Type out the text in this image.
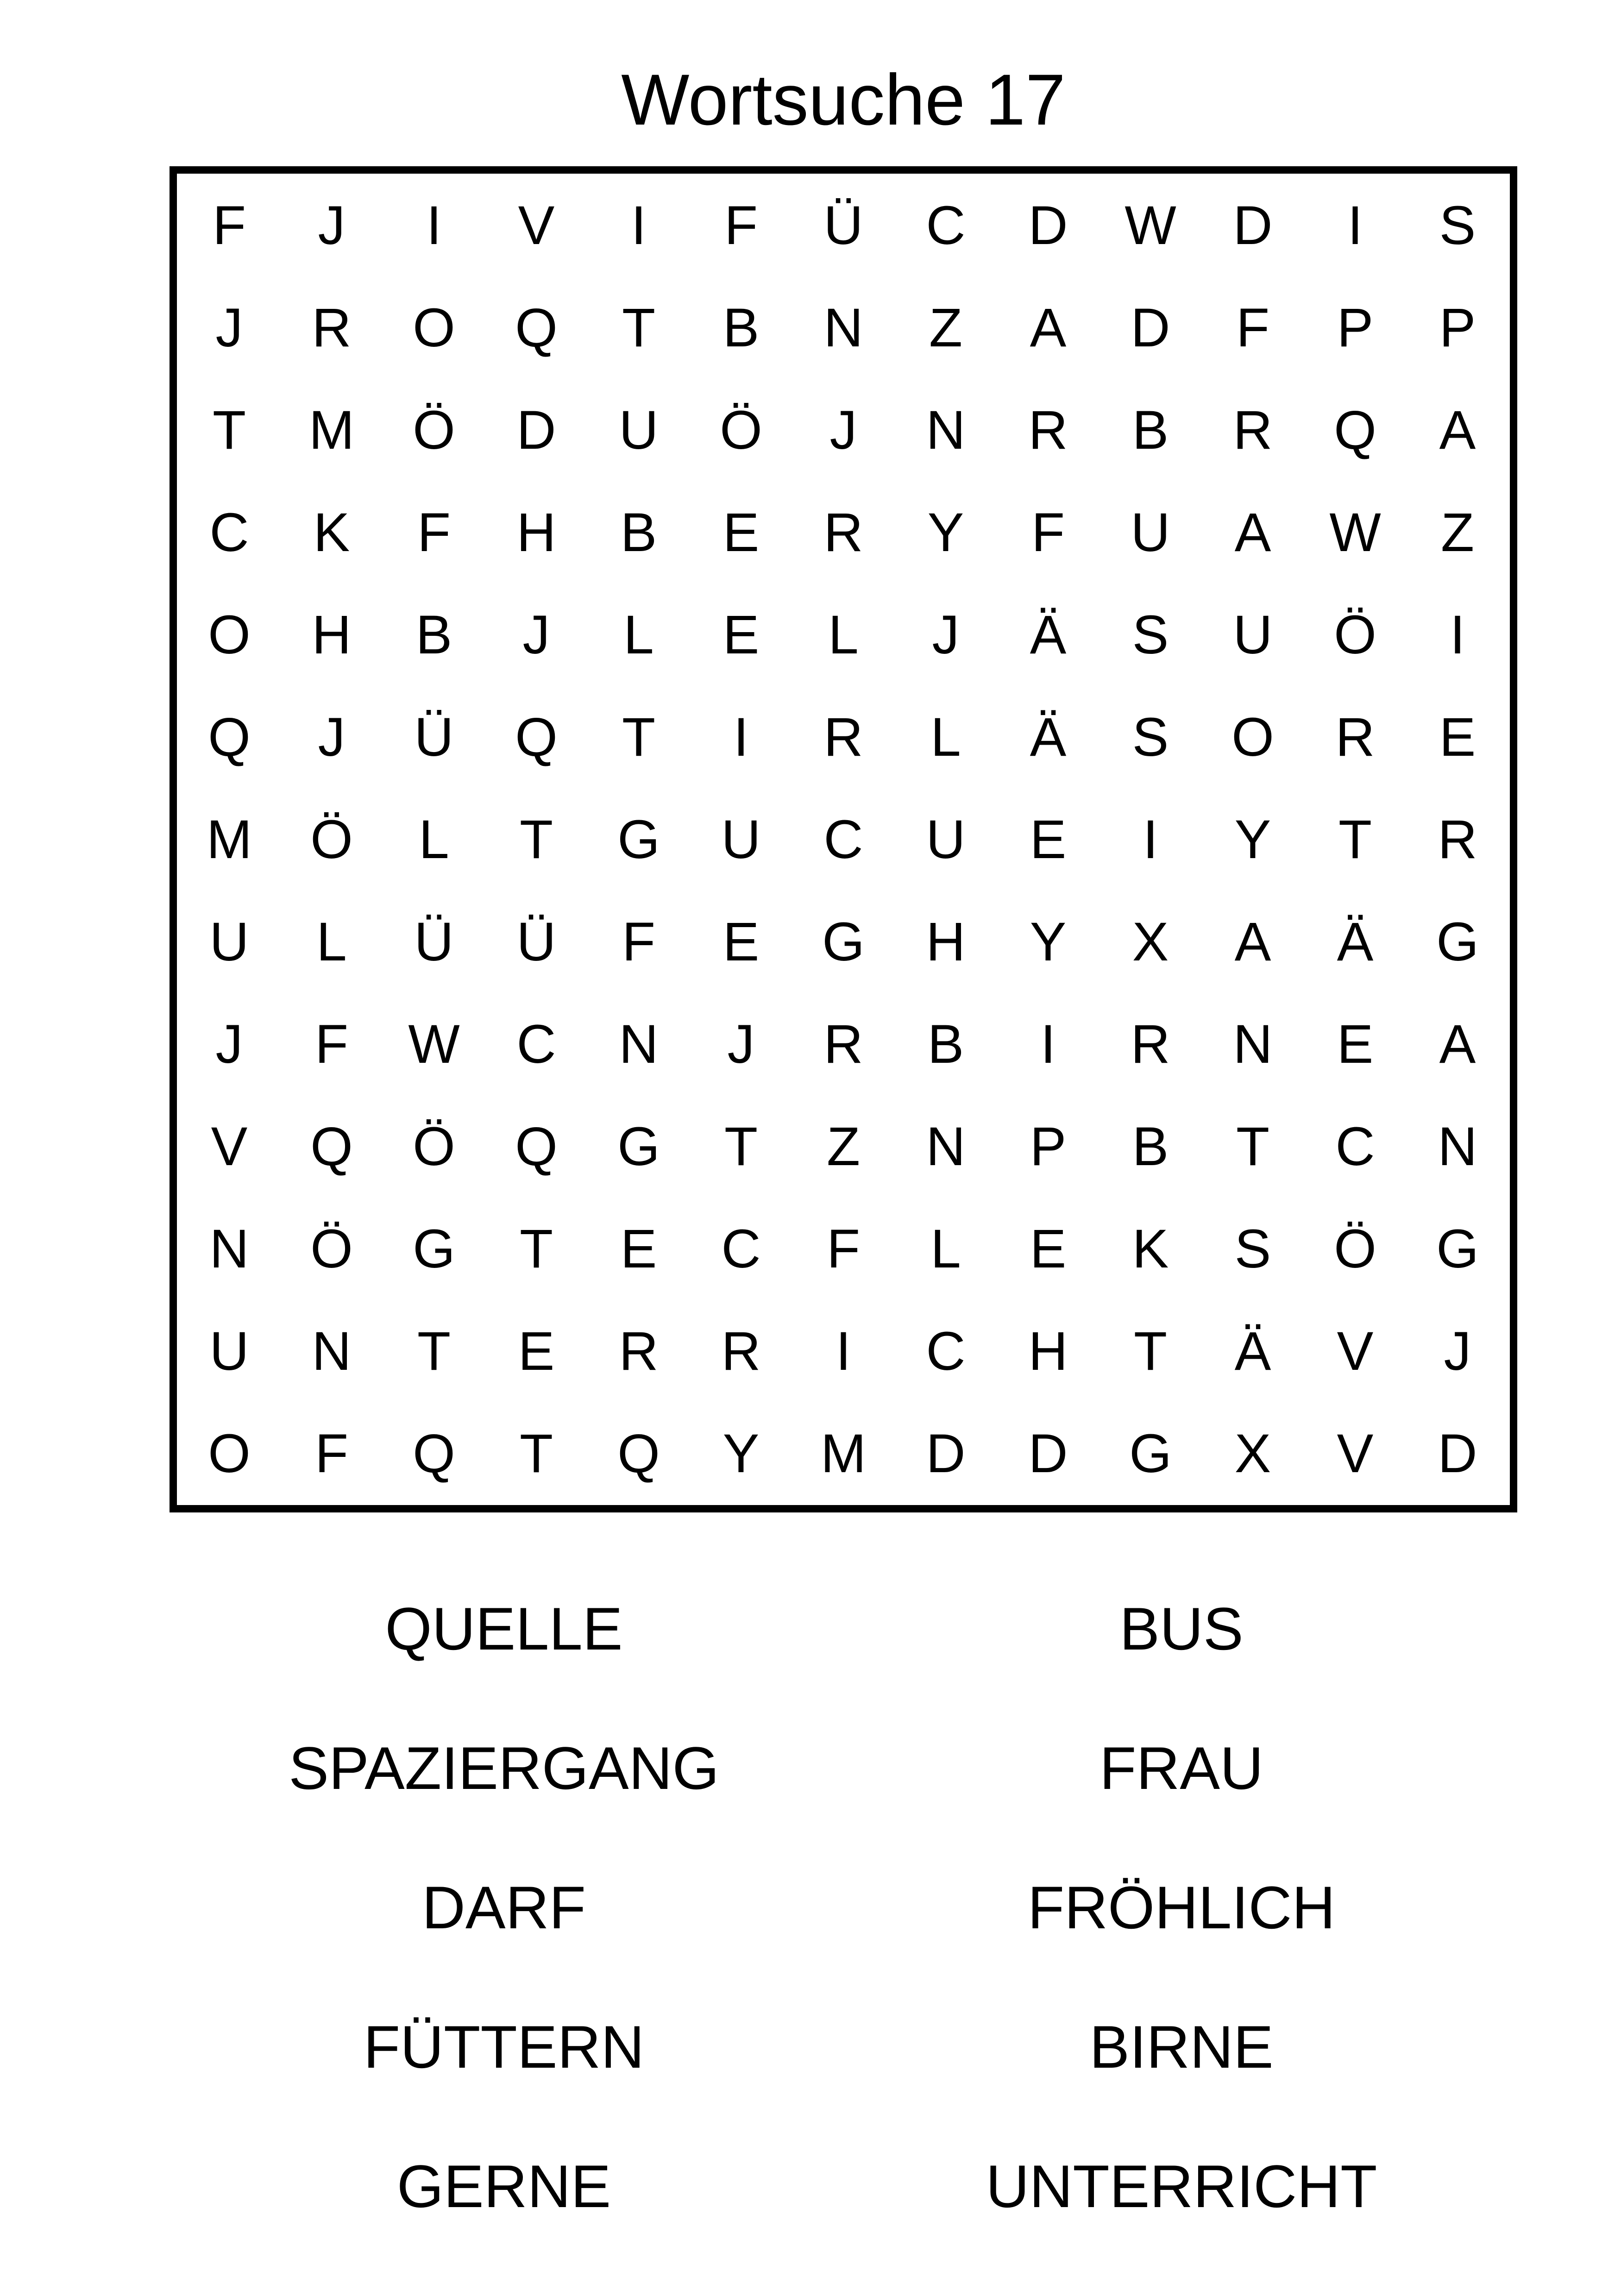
Wortsuche 17
F	J	I	V	I	F	Ü	C	D	W	D	I	S
J	R	O	Q	T	B	N	Z	A	D	F	P	P
T	M	Ö	D	U	Ö	J	N	R	B	R	Q	A
C	K	F	H	B	E	R	Y	F	U	A	W	Z
O	H	B	J	L	E	L	J	Ä	S	U	Ö	I
Q	J	Ü	Q	T	I	R	L	Ä	S	O	R	E
M	Ö	L	T	G	U	C	U	E	I	Y	T	R
U	L	Ü	Ü	F	E	G	H	Y	X	A	Ä	G
J	F	W	C	N	J	R	B	I	R	N	E	A
V	Q	Ö	Q	G	T	Z	N	P	B	T	C	N
N	Ö	G	T	E	C	F	L	E	K	S	Ö	G
U	N	T	E	R	R	I	C	H	T	Ä	V	J
O	F	Q	T	Q	Y	M	D	D	G	X	V	D
QUELLE
SPAZIERGANG
DARF
FÜTTERN
GERNE
BUS
FRAU
FRÖHLICH
BIRNE
UNTERRICHT
